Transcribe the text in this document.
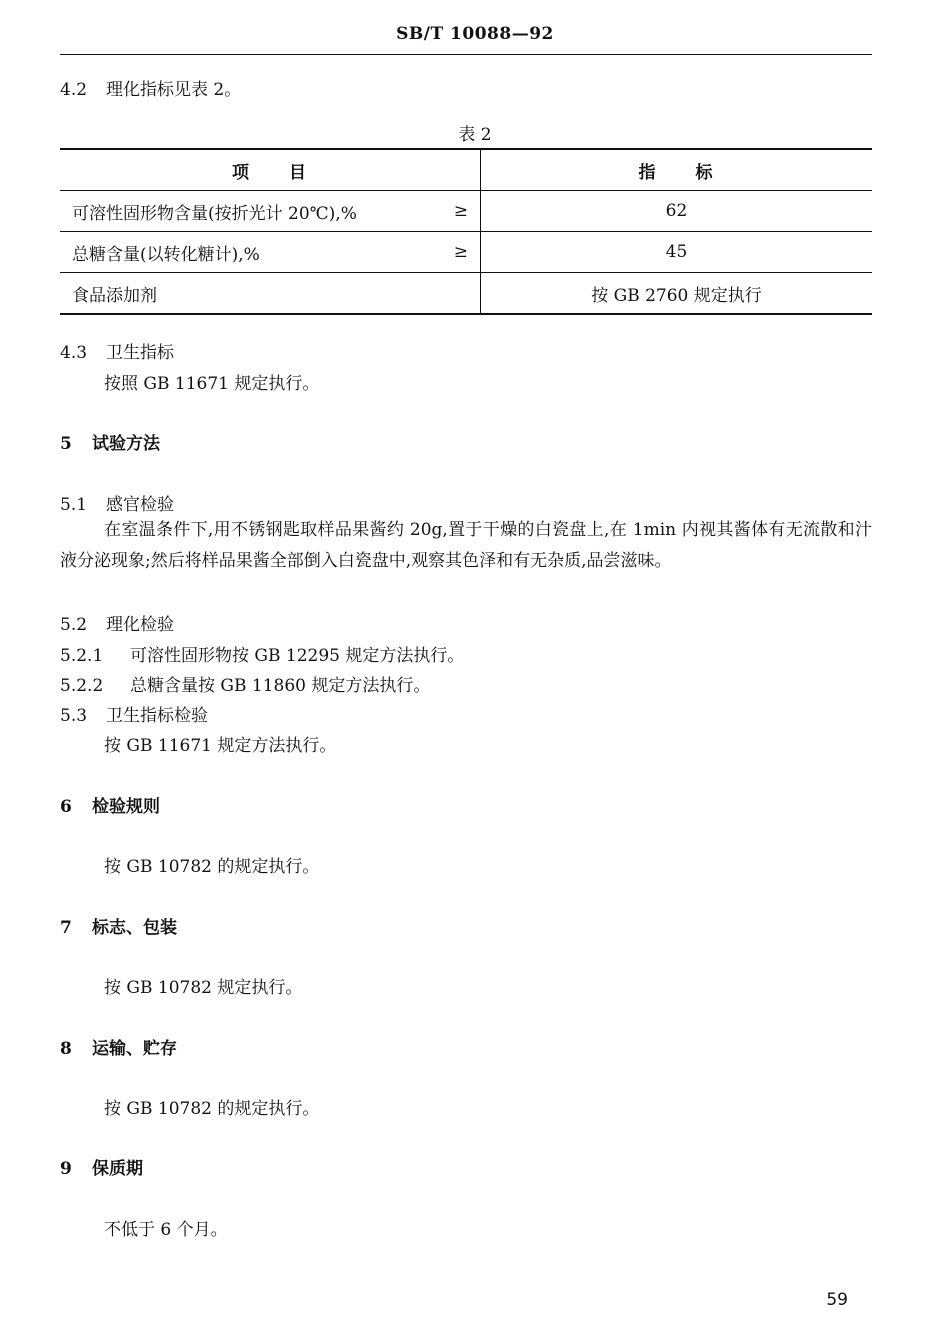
SB/T 10088—92
4.2 理化指标见表 2。
表 2
项　　目	指　　标
可溶性固形物含量(按折光计 20℃),% ≥	62
总糖含量(以转化糖计),% ≥	45
食品添加剂	按 GB 2760 规定执行
4.3 卫生指标
按照 GB 11671 规定执行。
5 试验方法
5.1 感官检验
在室温条件下,用不锈钢匙取样品果酱约 20g,置于干燥的白瓷盘上,在 1min 内视其酱体有无流散和汁液分泌现象;然后将样品果酱全部倒入白瓷盘中,观察其色泽和有无杂质,品尝滋味。
5.2 理化检验
5.2.1 可溶性固形物按 GB 12295 规定方法执行。
5.2.2 总糖含量按 GB 11860 规定方法执行。
5.3 卫生指标检验
按 GB 11671 规定方法执行。
6 检验规则
按 GB 10782 的规定执行。
7 标志、包装
按 GB 10782 规定执行。
8 运输、贮存
按 GB 10782 的规定执行。
9 保质期
不低于 6 个月。
59
